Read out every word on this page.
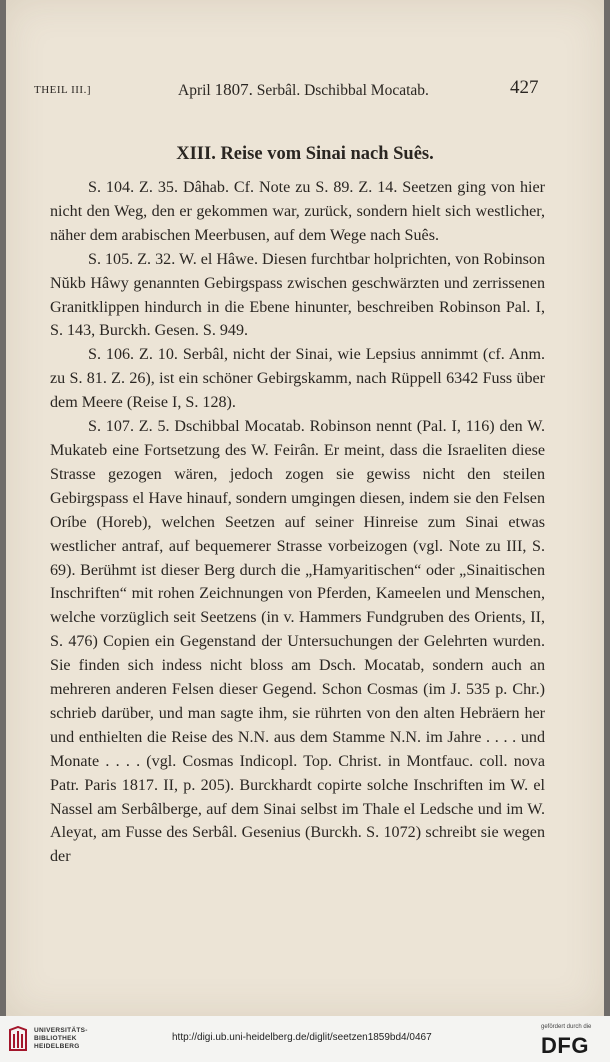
THEIL III.]	April 1807. Serbâl. Dschibbal Mocatab.	427
XIII. Reise vom Sinai nach Suês.

S. 104. Z. 35. Dâhab. Cf. Note zu S. 89. Z. 14. Seetzen ging von hier nicht den Weg, den er gekommen war, zurück, sondern hielt sich westlicher, näher dem arabischen Meerbusen, auf dem Wege nach Suês.

S. 105. Z. 32. W. el Hâwe. Diesen furchtbar holprichten, von Robinson Nŭkb Hâwy genannten Gebirgspass zwischen geschwärzten und zerrissenen Granitklippen hindurch in die Ebene hinunter, beschreiben Robinson Pal. I, S. 143, Burckh. Gesen. S. 949.

S. 106. Z. 10. Serbâl, nicht der Sinai, wie Lepsius annimmt (cf. Anm. zu S. 81. Z. 26), ist ein schöner Gebirgskamm, nach Rüppell 6342 Fuss über dem Meere (Reise I, S. 128).

S. 107. Z. 5. Dschibbal Mocatab. Robinson nennt (Pal. I, 116) den W. Mukateb eine Fortsetzung des W. Feirân. Er meint, dass die Israeliten diese Strasse gezogen wären, jedoch zogen sie gewiss nicht den steilen Gebirgspass el Have hinauf, sondern umgingen diesen, indem sie den Felsen Oríbe (Horeb), welchen Seetzen auf seiner Hinreise zum Sinai etwas westlicher antraf, auf bequemerer Strasse vorbeizogen (vgl. Note zu III, S. 69). Berühmt ist dieser Berg durch die „Hamyaritischen“ oder „Sinaitischen Inschriften“ mit rohen Zeichnungen von Pferden, Kameelen und Menschen, welche vorzüglich seit Seetzens (in v. Hammers Fundgruben des Orients, II, S. 476) Copien ein Gegenstand der Untersuchungen der Gelehrten wurden. Sie finden sich indess nicht bloss am Dsch. Mocatab, sondern auch an mehreren anderen Felsen dieser Gegend. Schon Cosmas (im J. 535 p. Chr.) schrieb darüber, und man sagte ihm, sie rührten von den alten Hebräern her und enthielten die Reise des N.N. aus dem Stamme N.N. im Jahre . . . . und Monate . . . . (vgl. Cosmas Indicopl. Top. Christ. in Montfauc. coll. nova Patr. Paris 1817. II, p. 205). Burckhardt copirte solche Inschriften im W. el Nassel am Serbâlberge, auf dem Sinai selbst im Thale el Ledsche und im W. Aleyat, am Fusse des Serbâl. Gesenius (Burckh. S. 1072) schreibt sie wegen der

UNIVERSITÄTS-
BIBLIOTHEK
HEIDELBERG
http://digi.ub.uni-heidelberg.de/diglit/seetzen1859bd4/0467
gefördert durch die
DFG
